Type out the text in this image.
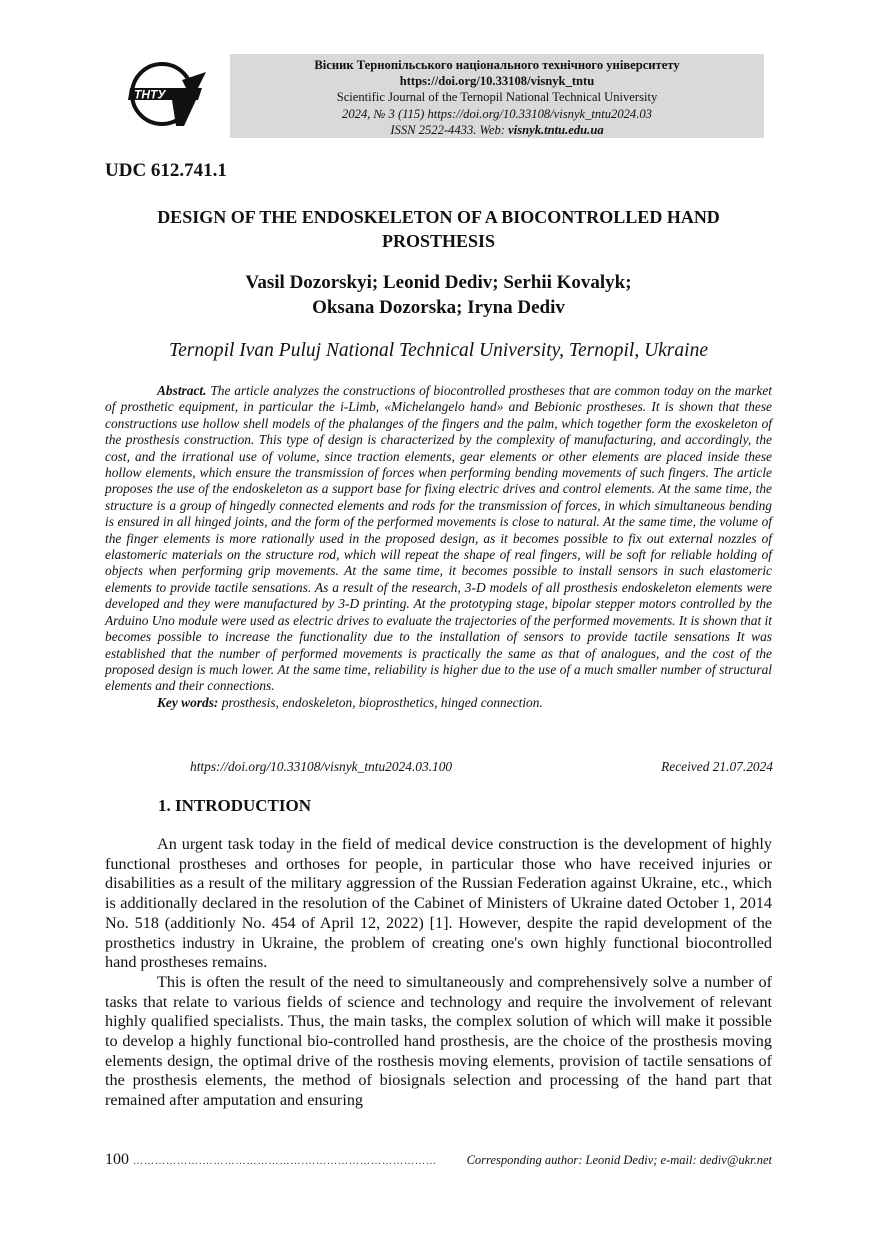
ТНТУ
Вісник Тернопільського національного технічного університету
https://doi.org/10.33108/visnyk_tntu
Scientific Journal of the Ternopil National Technical University
2024, № 3 (115) https://doi.org/10.33108/visnyk_tntu2024.03
ISSN 2522-4433. Web: visnyk.tntu.edu.ua
UDC 612.741.1
DESIGN OF THE ENDOSKELETON OF A BIOCONTROLLED HAND PROSTHESIS
Vasil Dozorskyi; Leonid Dediv; Serhii Kovalyk;
Oksana Dozorska; Iryna Dediv
Ternopil Ivan Puluj National Technical University, Ternopil, Ukraine

Abstract. The article analyzes the constructions of biocontrolled prostheses that are common today on the market of prosthetic equipment, in particular the i-Limb, «Michelangelo hand» and Bebionic prostheses. It is shown that these constructions use hollow shell models of the phalanges of the fingers and the palm, which together form the exoskeleton of the prosthesis construction. This type of design is characterized by the complexity of manufacturing, and accordingly, the cost, and the irrational use of volume, since traction elements, gear elements or other elements are placed inside these hollow elements, which ensure the transmission of forces when performing bending movements of such fingers. The article proposes the use of the endoskeleton as a support base for fixing electric drives and control elements. At the same time, the structure is a group of hingedly connected elements and rods for the transmission of forces, in which simultaneous bending is ensured in all hinged joints, and the form of the performed movements is close to natural. At the same time, the volume of the finger elements is more rationally used in the proposed design, as it becomes possible to fix out external nozzles of elastomeric materials on the structure rod, which will repeat the shape of real fingers, will be soft for reliable holding of objects when performing grip movements. At the same time, it becomes possible to install sensors in such elastomeric elements to provide tactile sensations. As a result of the research, 3-D models of all prosthesis endoskeleton elements were developed and they were manufactured by 3-D printing. At the prototyping stage, bipolar stepper motors controlled by the Arduino Uno module were used as electric drives to evaluate the trajectories of the performed movements. It is shown that it becomes possible to increase the functionality due to the installation of sensors to provide tactile sensations It was established that the number of performed movements is practically the same as that of analogues, and the cost of the proposed design is much lower. At the same time, reliability is higher due to the use of a much smaller number of structural elements and their connections.

Key words: prosthesis, endoskeleton, bioprosthetics, hinged connection.

https://doi.org/10.33108/visnyk_tntu2024.03.100	Received 21.07.2024
1. INTRODUCTION

An urgent task today in the field of medical device construction is the development of highly functional prostheses and orthoses for people, in particular those who have received injuries or disabilities as a result of the military aggression of the Russian Federation against Ukraine, etc., which is additionally declared in the resolution of the Cabinet of Ministers of Ukraine dated October 1, 2014 No. 518 (additionly No. 454 of April 12, 2022) [1]. However, despite the rapid development of the prosthetics industry in Ukraine, the problem of creating one's own highly functional biocontrolled hand prostheses remains.

This is often the result of the need to simultaneously and comprehensively solve a number of tasks that relate to various fields of science and technology and require the involvement of relevant highly qualified specialists. Thus, the main tasks, the complex solution of which will make it possible to develop a highly functional bio-controlled hand prosthesis, are the choice of the prosthesis moving elements design, the optimal drive of the rosthesis moving elements, provision of tactile sensations of the prosthesis elements, the method of biosignals selection and processing of the hand part that remained after amputation and ensuring

100 ……………….……………………….………………………………	Corresponding author: Leonid Dediv; e-mail: dediv@ukr.net
